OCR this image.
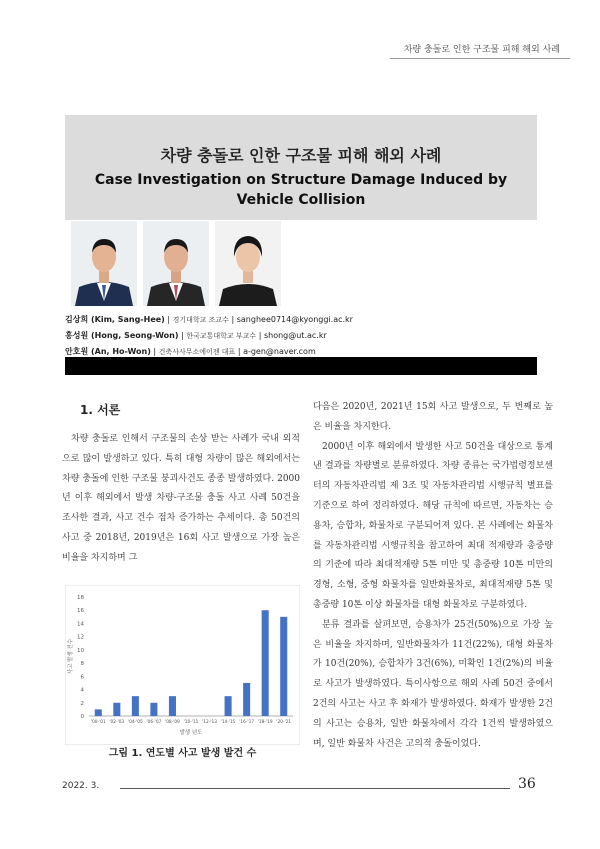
차량 충돌로 인한 구조물 피해 해외 사례
차량 충돌로 인한 구조물 피해 해외 사례
Case Investigation on Structure Damage Induced by Vehicle Collision
김상희 (Kim, Sang-Hee) | 경기대학교 조교수 | sanghee0714@kyonggi.ac.kr
홍성원 (Hong, Seong-Won) | 한국교통대학교 부교수 | shong@ut.ac.kr
안호원 (An, Ho-Won) | 건축사사무소에이젠 대표 | a-gen@naver.com
1. 서론

차량 충돌로 인해서 구조물의 손상 받는 사례가 국내 외적으로 많이 발생하고 있다. 특히 대형 차량이 많은 해외에서는 차량 충돌에 인한 구조물 붕괴사건도 종종 발생하였다. 2000년 이후 해외에서 발생 차량-구조물 충돌 사고 사례 50건을 조사한 결과, 사고 건수 점차 증가하는 추세이다. 총 50건의 사고 중 2018년, 2019년은 16회 사고 발생으로 가장 높은 비율을 차지하며 그

다음은 2020년, 2021년 15회 사고 발생으로, 두 번째로 높은 비율을 차지한다.

2000년 이후 해외에서 발생한 사고 50건을 대상으로 통계 낸 결과를 차량별로 분류하였다. 차량 종류는 국가법령정보센터의 자동차관리법 제 3조 및 자동차관리법 시행규칙 별표를 기준으로 하여 정리하였다. 해당 규칙에 따르면, 자동차는 승용차, 승합차, 화물차로 구분되어져 있다. 본 사례에는 화물차를 자동차관리법 시행규칙을 참고하여 최대 적재량과 총중량의 기준에 따라 최대적재량 5톤 미만 및 총중량 10톤 미만의 경형, 소형, 중형 화물차를 일반화물차로, 최대적재량 5톤 및 총중량 10톤 이상 화물차를 대형 화물차로 구분하였다.

분류 결과를 살펴보면, 승용차가 25건(50%)으로 가장 높은 비율을 차지하며, 일반화물차가 11건(22%), 대형 화물차가 10건(20%), 승합차가 3건(6%), 미확인 1건(2%)의 비율로 사고가 발생하였다. 특이사항으로 해외 사례 50건 중에서 2건의 사고는 사고 후 화재가 발생하였다. 화재가 발생한 2건의 사고는 승용차, 일반 화물차에서 각각 1건씩 발생하였으며, 일반 화물차 사건은 고의적 충돌이었다.

0
2
4
6
8
10
12
14
16
18
'00-'01 '02-'03 '04-'05 '06-'07 '08-'09 '10-'11 '12-'13 '14-'15 '16-'17 '18-'19 '20-'21
발생 년도
사고 발생 건수
그림 1. 연도별 사고 발생 발건 수
2022. 3.	36
